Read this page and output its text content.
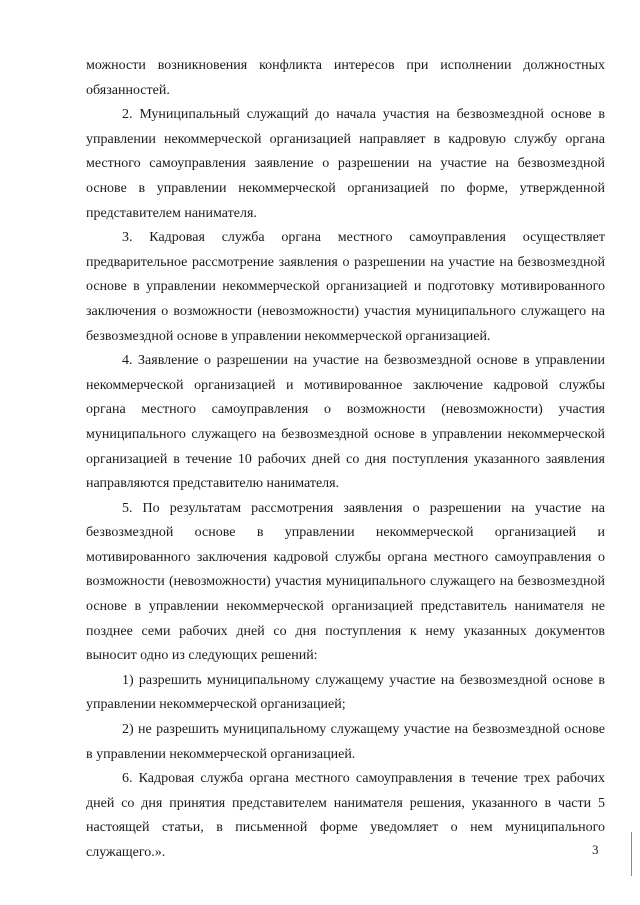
можности возникновения конфликта интересов при исполнении должностных обязанностей.

2. Муниципальный служащий до начала участия на безвозмездной основе в управлении некоммерческой организацией направляет в кадровую службу органа местного самоуправления заявление о разрешении на участие на безвозмездной основе в управлении некоммерческой организацией по форме, утвержденной представителем нанимателя.

3. Кадровая служба органа местного самоуправления осуществляет предварительное рассмотрение заявления о разрешении на участие на безвозмездной основе в управлении некоммерческой организацией и подготовку мотивированного заключения о возможности (невозможности) участия муниципального служащего на безвозмездной основе в управлении некоммерческой организацией.

4. Заявление о разрешении на участие на безвозмездной основе в управлении некоммерческой организацией и мотивированное заключение кадровой службы органа местного самоуправления о возможности (невозможности) участия муниципального служащего на безвозмездной основе в управлении некоммерческой организацией в течение 10 рабочих дней со дня поступления указанного заявления направляются представителю нанимателя.

5. По результатам рассмотрения заявления о разрешении на участие на безвозмездной основе в управлении некоммерческой организацией и мотивированного заключения кадровой службы органа местного самоуправления о возможности (невозможности) участия муниципального служащего на безвозмездной основе в управлении некоммерческой организацией представитель нанимателя не позднее семи рабочих дней со дня поступления к нему указанных документов выносит одно из следующих решений:

1) разрешить муниципальному служащему участие на безвозмездной основе в управлении некоммерческой организацией;

2) не разрешить муниципальному служащему участие на безвозмездной основе в управлении некоммерческой организацией.

6. Кадровая служба органа местного самоуправления в течение трех рабочих дней со дня принятия представителем нанимателя решения, указанного в части 5 настоящей статьи, в письменной форме уведомляет о нем муниципального служащего.».	3
